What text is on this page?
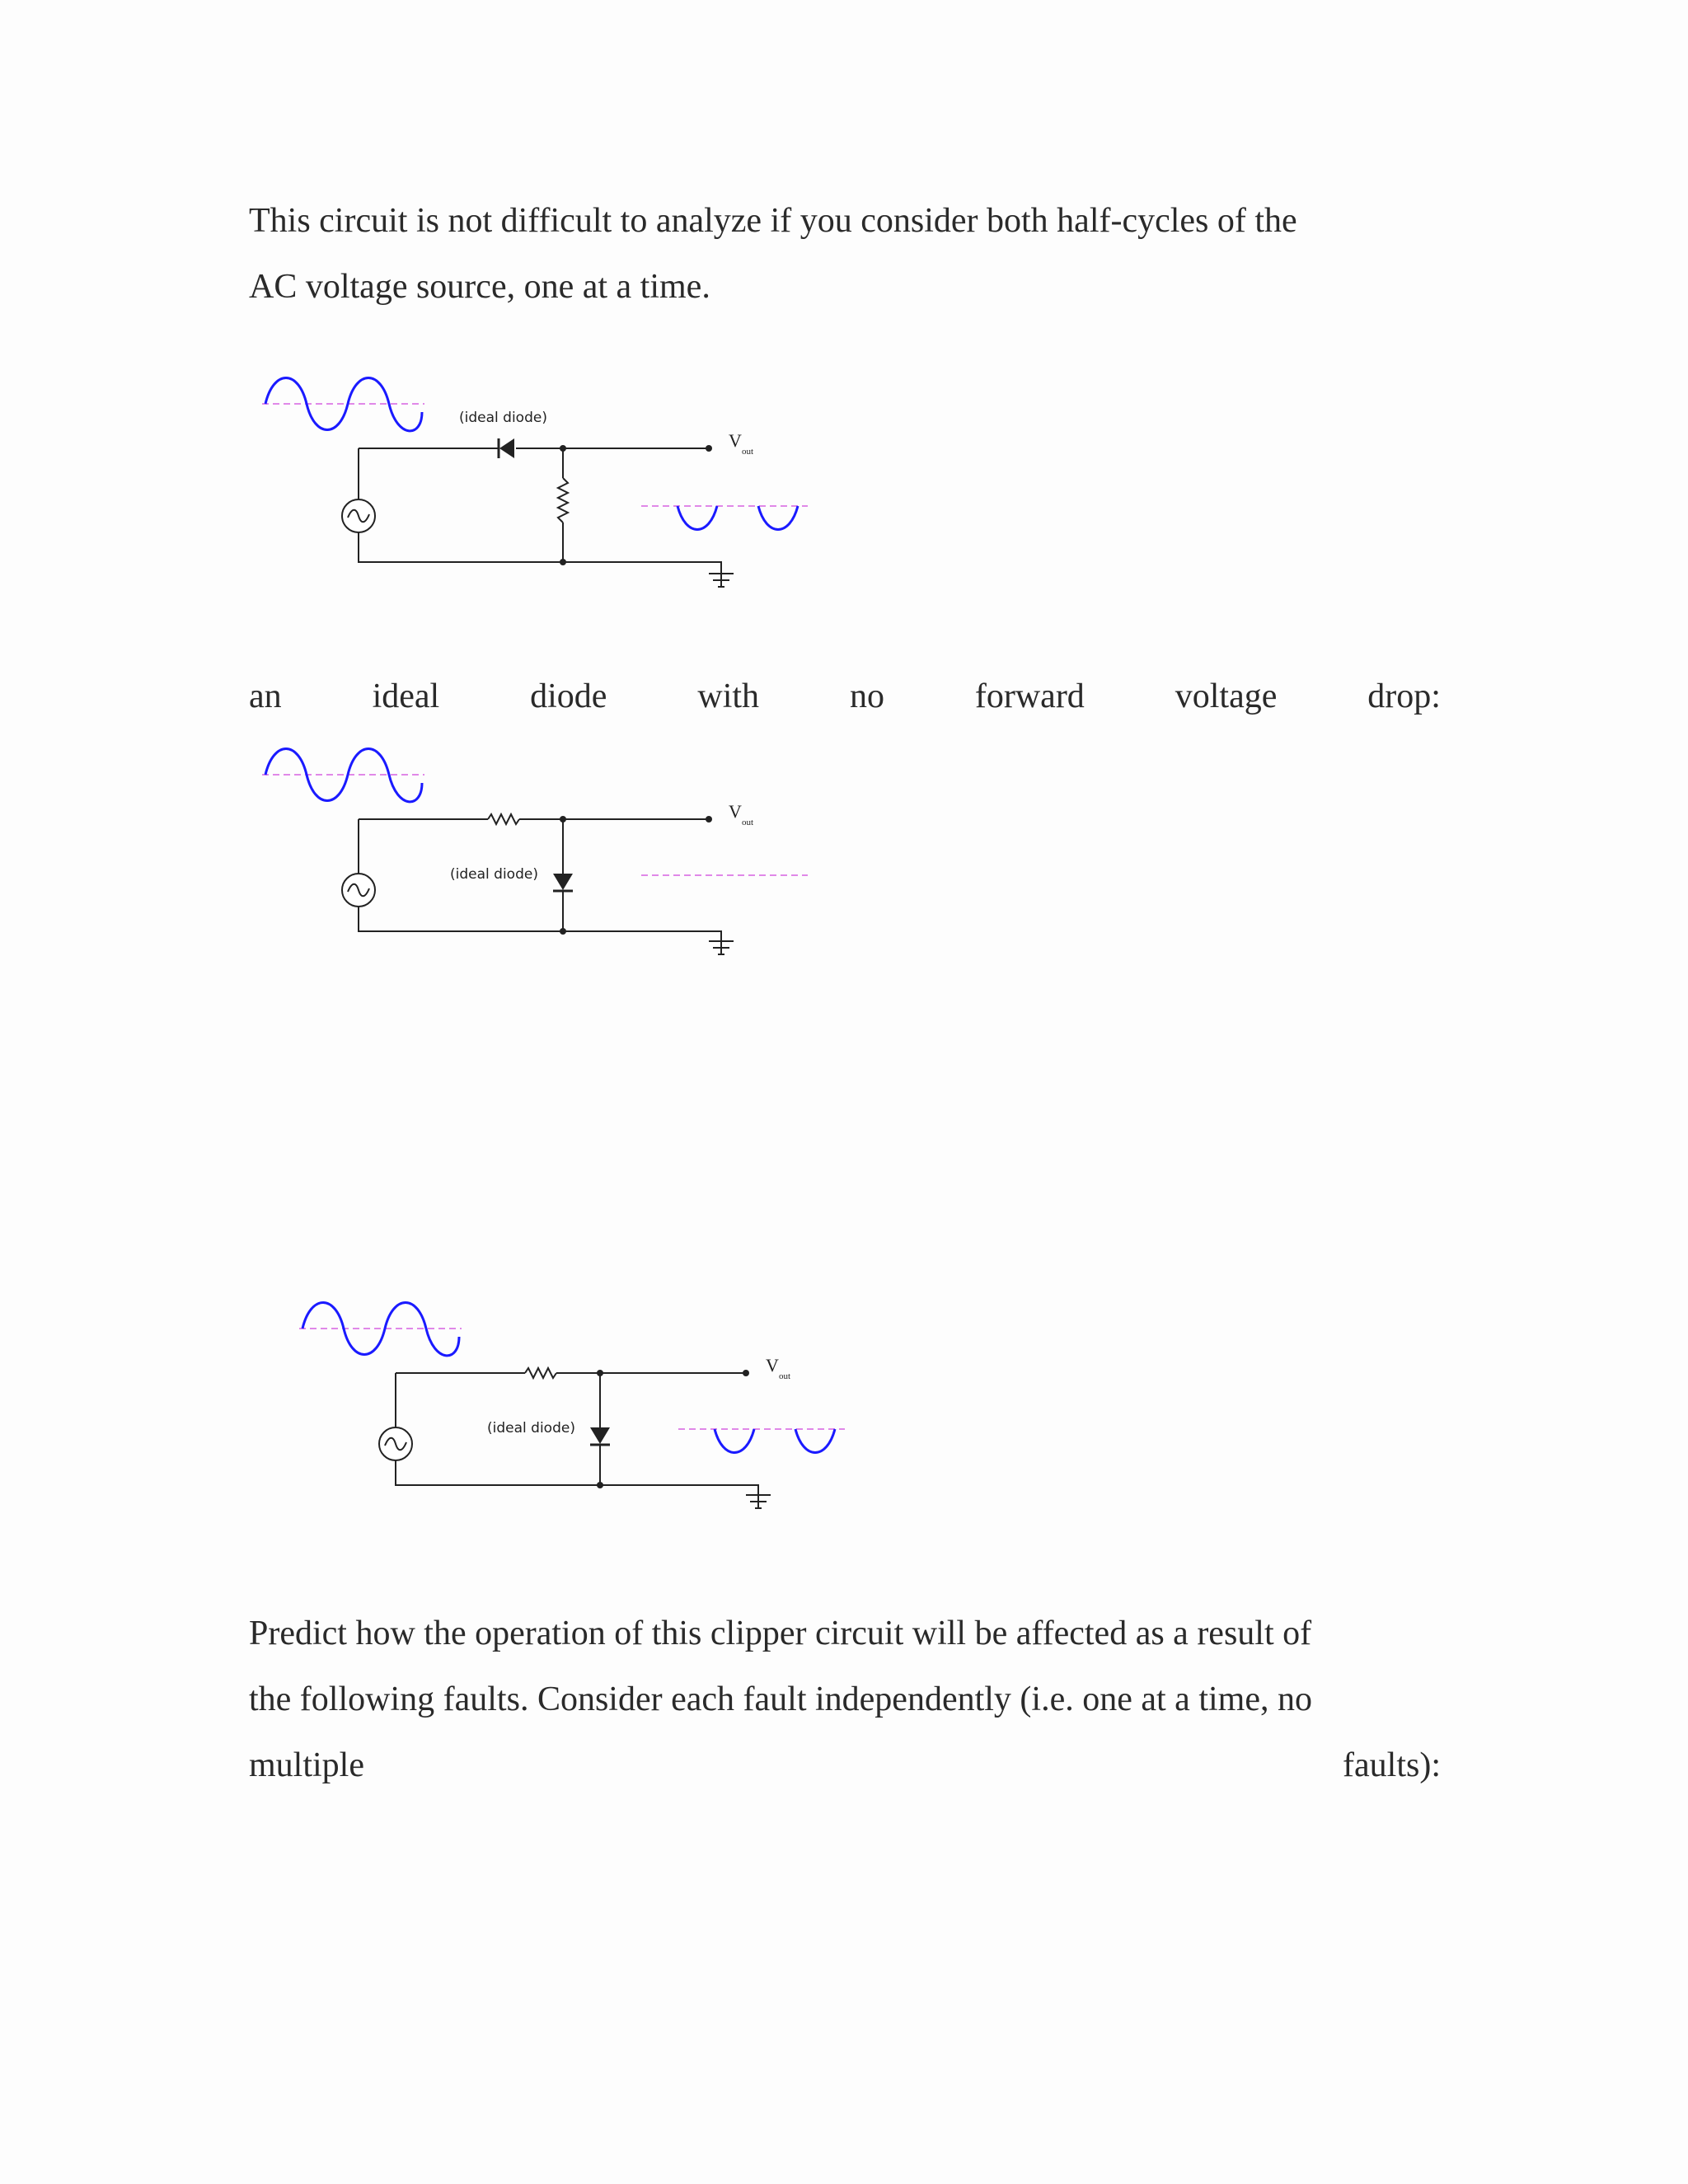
This circuit is not difficult to analyze if you consider both half-cycles of the

AC voltage source, one at a time.

(ideal diode)
V
out
an	ideal	diode	with	no	forward	voltage	drop:
(ideal diode)
V
out
(ideal diode)
V
out

Predict how the operation of this clipper circuit will be affected as a result of

the following faults. Consider each fault independently (i.e. one at a time, no

multiple	faults):
